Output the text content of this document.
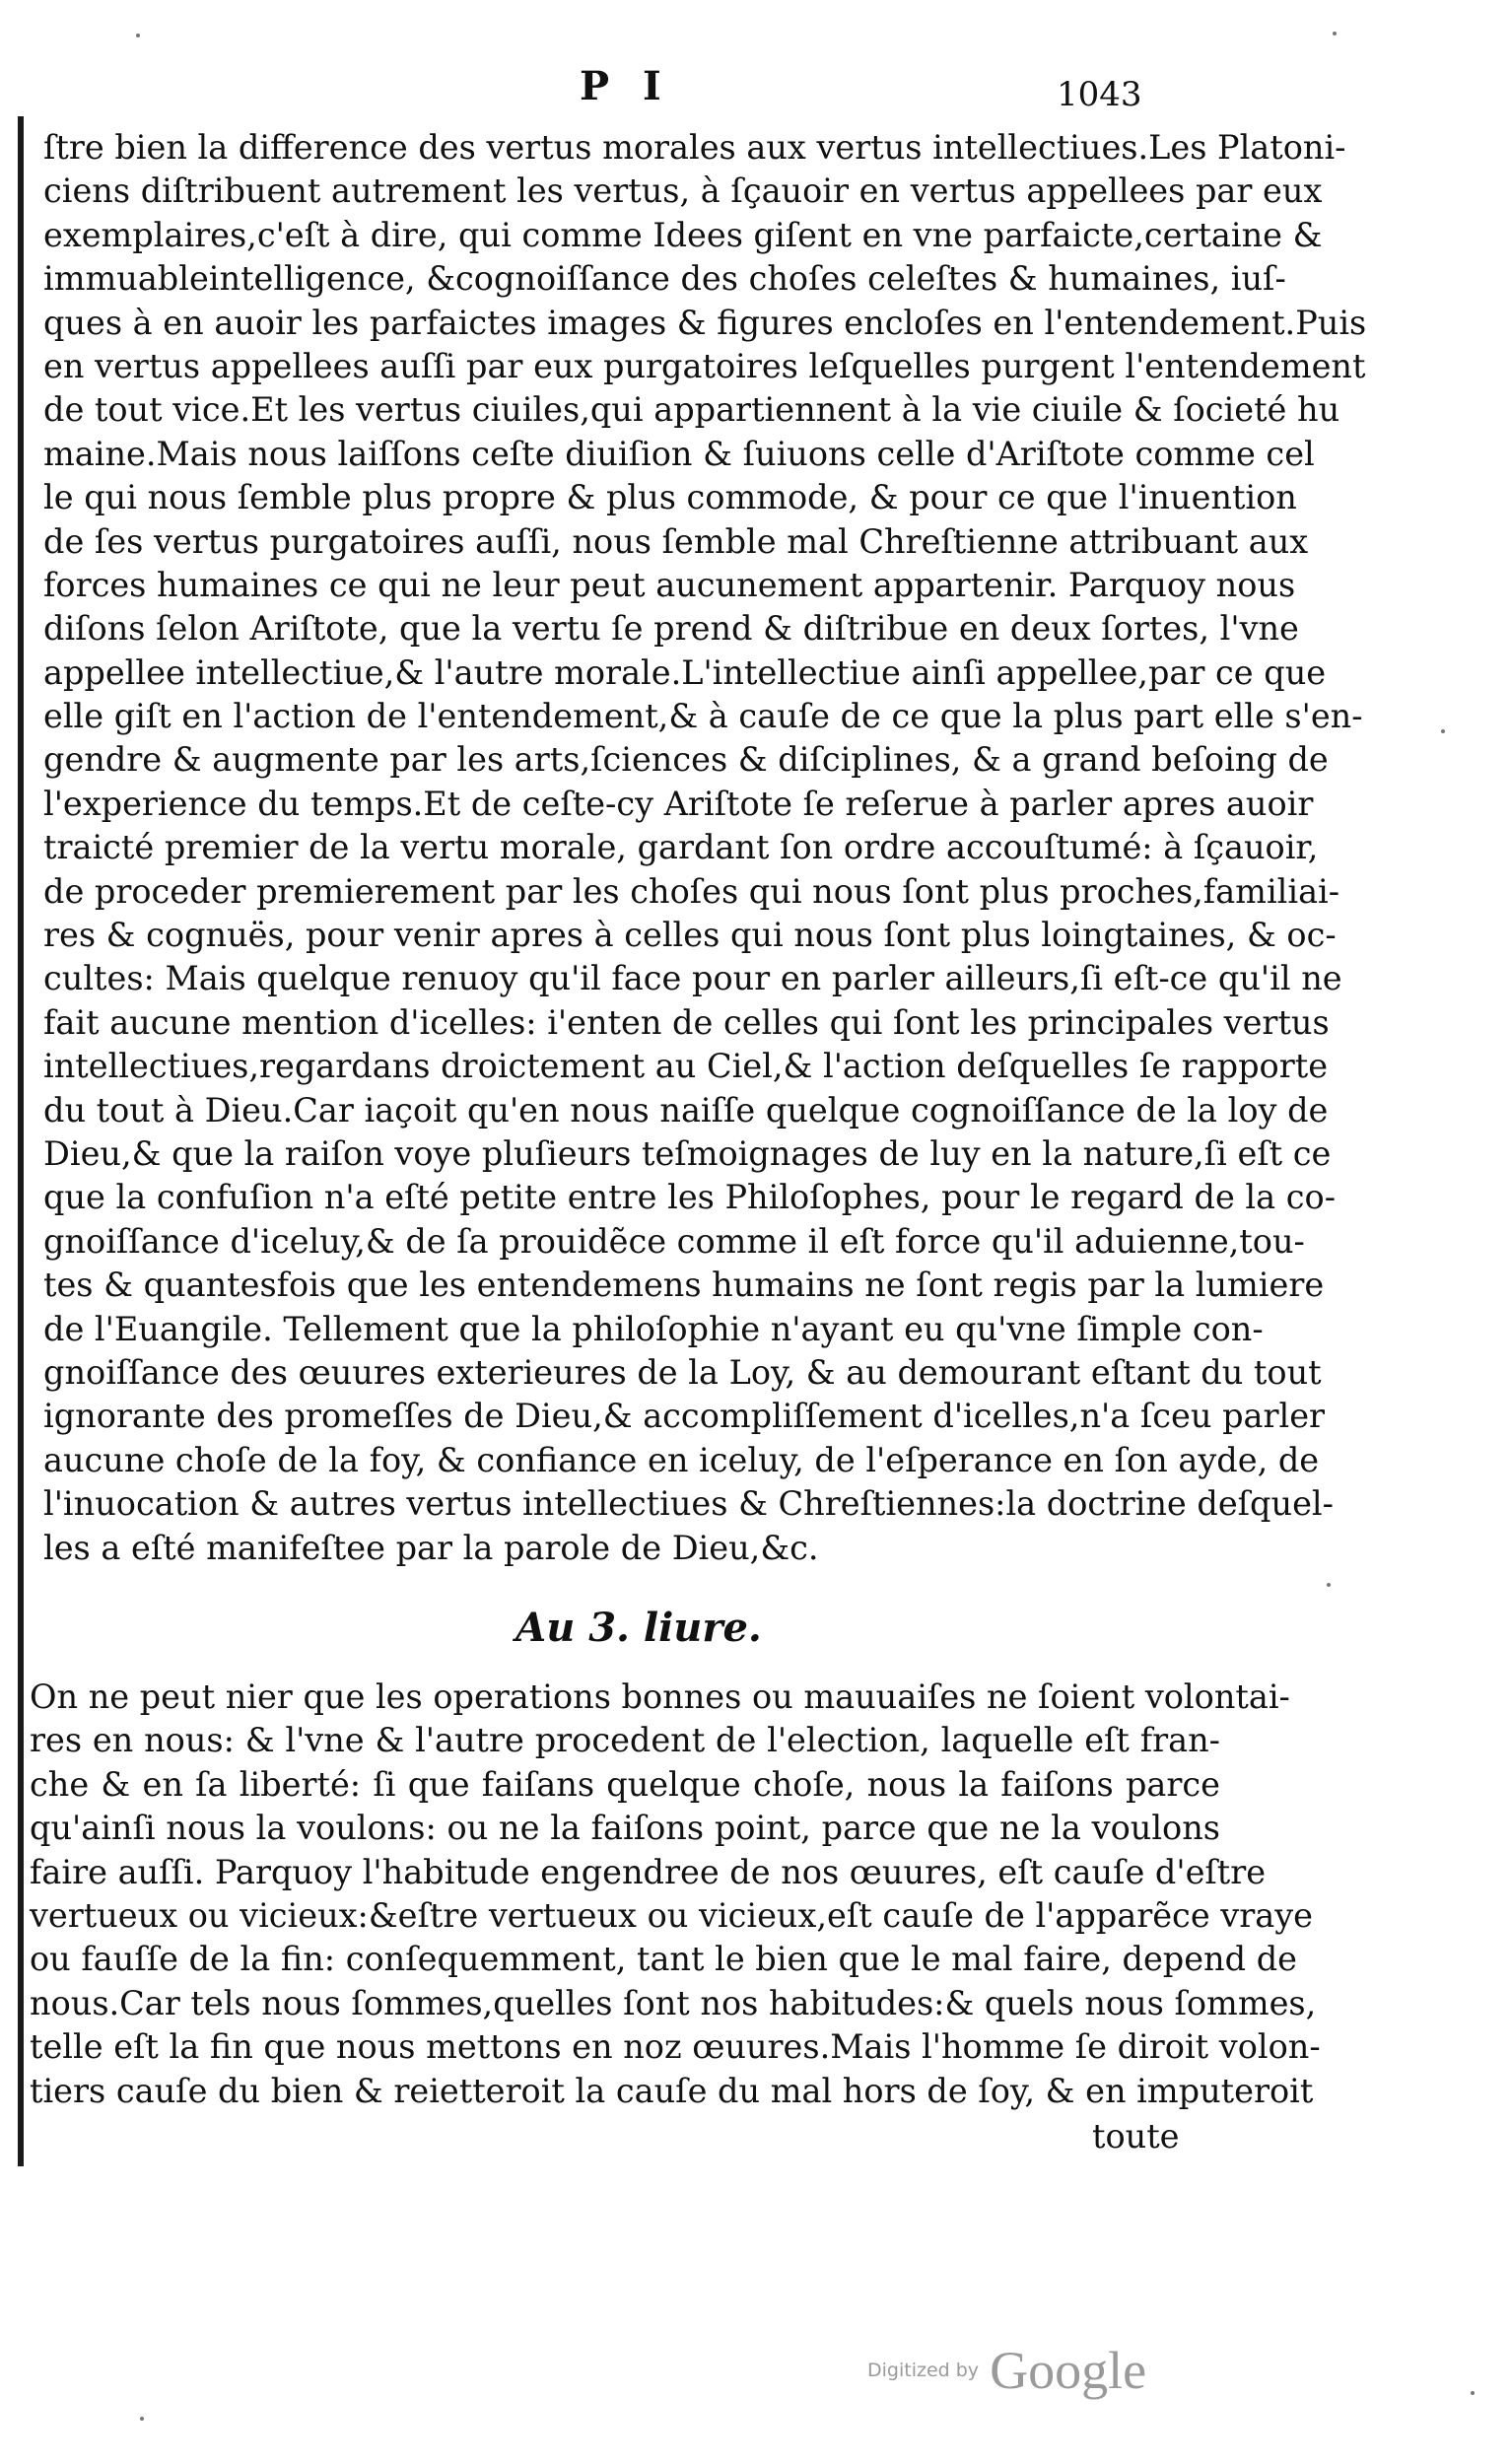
P I	1043
ſtre bien la difference des vertus morales aux vertus intellectiues.Les Platoni-
ciens diſtribuent autrement les vertus, à ſçauoir en vertus appellees par eux
exemplaires,c'eſt à dire, qui comme Idees giſent en vne parfaicte,certaine &
immuableintelligence, &cognoiſſance des choſes celeſtes & humaines, iuſ-
ques à en auoir les parfaictes images & figures encloſes en l'entendement.Puis
en vertus appellees auſſi par eux purgatoires leſquelles purgent l'entendement
de tout vice.Et les vertus ciuiles,qui appartiennent à la vie ciuile & ſocieté hu
maine.Mais nous laiſſons ceſte diuiſion & ſuiuons celle d'Ariſtote comme cel
le qui nous ſemble plus propre & plus commode, & pour ce que l'inuention
de ſes vertus purgatoires auſſi, nous ſemble mal Chreſtienne attribuant aux
forces humaines ce qui ne leur peut aucunement appartenir. Parquoy nous
diſons ſelon Ariſtote, que la vertu ſe prend & diſtribue en deux ſortes, l'vne
appellee intellectiue,& l'autre morale.L'intellectiue ainſi appellee,par ce que
elle giſt en l'action de l'entendement,& à cauſe de ce que la plus part elle s'en-
gendre & augmente par les arts,ſciences & diſciplines, & a grand beſoing de
l'experience du temps.Et de ceſte-cy Ariſtote ſe reſerue à parler apres auoir
traicté premier de la vertu morale, gardant ſon ordre accouſtumé: à ſçauoir,
de proceder premierement par les choſes qui nous ſont plus proches,familiai-
res & cognuës, pour venir apres à celles qui nous ſont plus loingtaines, & oc-
cultes: Mais quelque renuoy qu'il face pour en parler ailleurs,ſi eſt-ce qu'il ne
fait aucune mention d'icelles: i'enten de celles qui ſont les principales vertus
intellectiues,regardans droictement au Ciel,& l'action deſquelles ſe rapporte
du tout à Dieu.Car iaçoit qu'en nous naiſſe quelque cognoiſſance de la loy de
Dieu,& que la raiſon voye pluſieurs teſmoignages de luy en la nature,ſi eſt ce
que la confuſion n'a eſté petite entre les Philoſophes, pour le regard de la co-
gnoiſſance d'iceluy,& de ſa prouidẽce comme il eſt force qu'il aduienne,tou-
tes & quantesfois que les entendemens humains ne ſont regis par la lumiere
de l'Euangile. Tellement que la philoſophie n'ayant eu qu'vne ſimple con-
gnoiſſance des œuures exterieures de la Loy, & au demourant eſtant du tout
ignorante des promeſſes de Dieu,& accompliſſement d'icelles,n'a ſceu parler
aucune choſe de la foy, & confiance en iceluy, de l'eſperance en ſon ayde, de
l'inuocation & autres vertus intellectiues & Chreſtiennes:la doctrine deſquel-
les a eſté manifeſtee par la parole de Dieu,&c.
Au 3. liure.
On ne peut nier que les operations bonnes ou mauuaiſes ne ſoient volontai-
res en nous: & l'vne & l'autre procedent de l'election, laquelle eſt fran-
che & en ſa liberté: ſi que faiſans quelque choſe, nous la faiſons parce
qu'ainſi nous la voulons: ou ne la faiſons point, parce que ne la voulons
faire auſſi. Parquoy l'habitude engendree de nos œuures, eſt cauſe d'eſtre
vertueux ou vicieux:&eſtre vertueux ou vicieux,eſt cauſe de l'apparẽce vraye
ou fauſſe de la fin: conſequemment, tant le bien que le mal faire, depend de
nous.Car tels nous ſommes,quelles ſont nos habitudes:& quels nous ſommes,
telle eſt la fin que nous mettons en noz œuures.Mais l'homme ſe diroit volon-
tiers cauſe du bien & reietteroit la cauſe du mal hors de ſoy, & en imputeroit
toute
Digitized by Google
